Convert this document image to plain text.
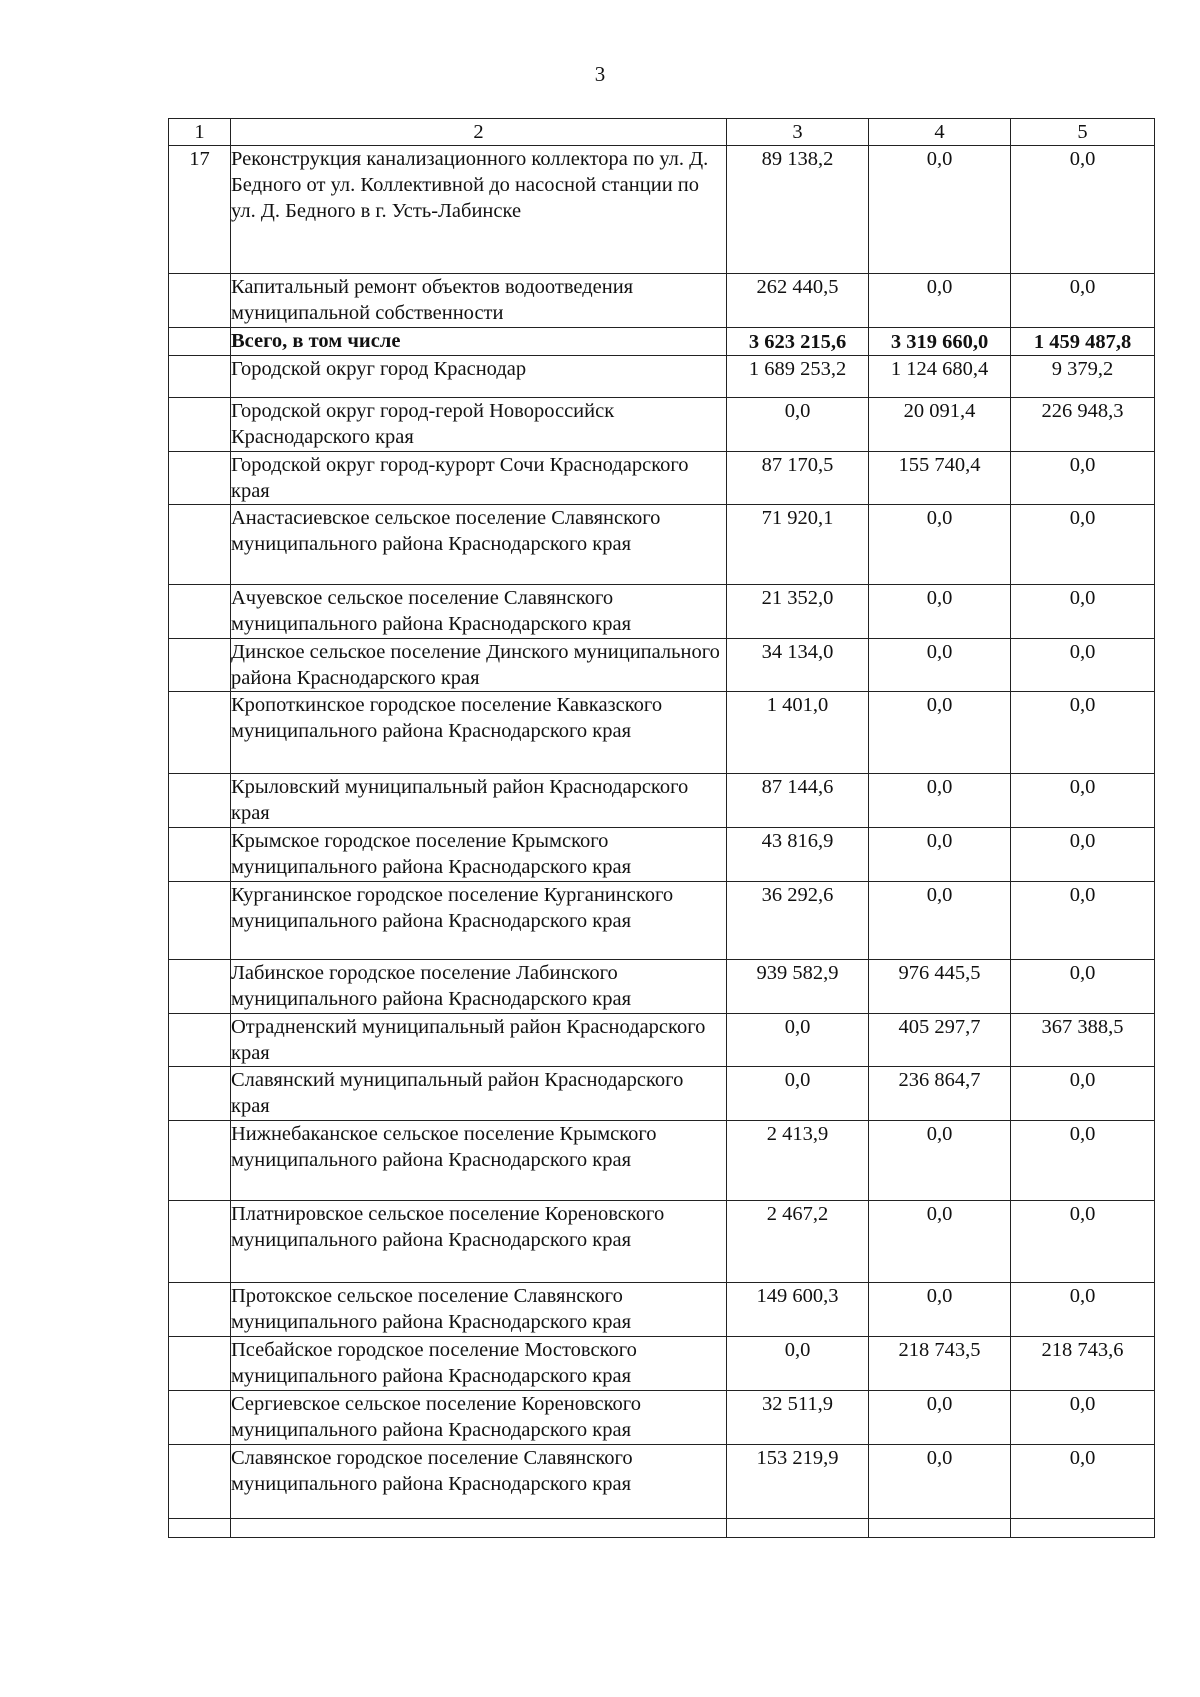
3
1	2	3	4	5
17	Реконструкция канализационного коллектора по ул. Д. Бедного от ул. Коллективной до насосной станции по ул. Д. Бедного в г. Усть-Лабинске	89 138,2	0,0	0,0
	Капитальный ремонт объектов водоотведения муниципальной собственности	262 440,5	0,0	0,0
	Всего, в том числе	3 623 215,6	3 319 660,0	1 459 487,8
	Городской округ город Краснодар	1 689 253,2	1 124 680,4	9 379,2
	Городской округ город-герой Новороссийск Краснодарского края	0,0	20 091,4	226 948,3
	Городской округ город-курорт Сочи Краснодарского края	87 170,5	155 740,4	0,0
	Анастасиевское сельское поселение Славянского муниципального района Краснодарского края	71 920,1	0,0	0,0
	Ачуевское сельское поселение Славянского муниципального района Краснодарского края	21 352,0	0,0	0,0
	Динское сельское поселение Динского муниципального района Краснодарского края	34 134,0	0,0	0,0
	Кропоткинское городское поселение Кавказского муниципального района Краснодарского края	1 401,0	0,0	0,0
	Крыловский муниципальный район Краснодарского края	87 144,6	0,0	0,0
	Крымское городское поселение Крымского муниципального района Краснодарского края	43 816,9	0,0	0,0
	Курганинское городское поселение Курганинского муниципального района Краснодарского края	36 292,6	0,0	0,0
	Лабинское городское поселение Лабинского муниципального района Краснодарского края	939 582,9	976 445,5	0,0
	Отрадненский муниципальный район Краснодарского края	0,0	405 297,7	367 388,5
	Славянский муниципальный район Краснодарского края	0,0	236 864,7	0,0
	Нижнебаканское сельское поселение Крымского муниципального района Краснодарского края	2 413,9	0,0	0,0
	Платнировское сельское поселение Кореновского муниципального района Краснодарского края	2 467,2	0,0	0,0
	Протокское сельское поселение Славянского муниципального района Краснодарского края	149 600,3	0,0	0,0
	Псебайское городское поселение Мостовского муниципального района Краснодарского края	0,0	218 743,5	218 743,6
	Сергиевское сельское поселение Кореновского муниципального района Краснодарского края	32 511,9	0,0	0,0
	Славянское городское поселение Славянского муниципального района Краснодарского края	153 219,9	0,0	0,0
